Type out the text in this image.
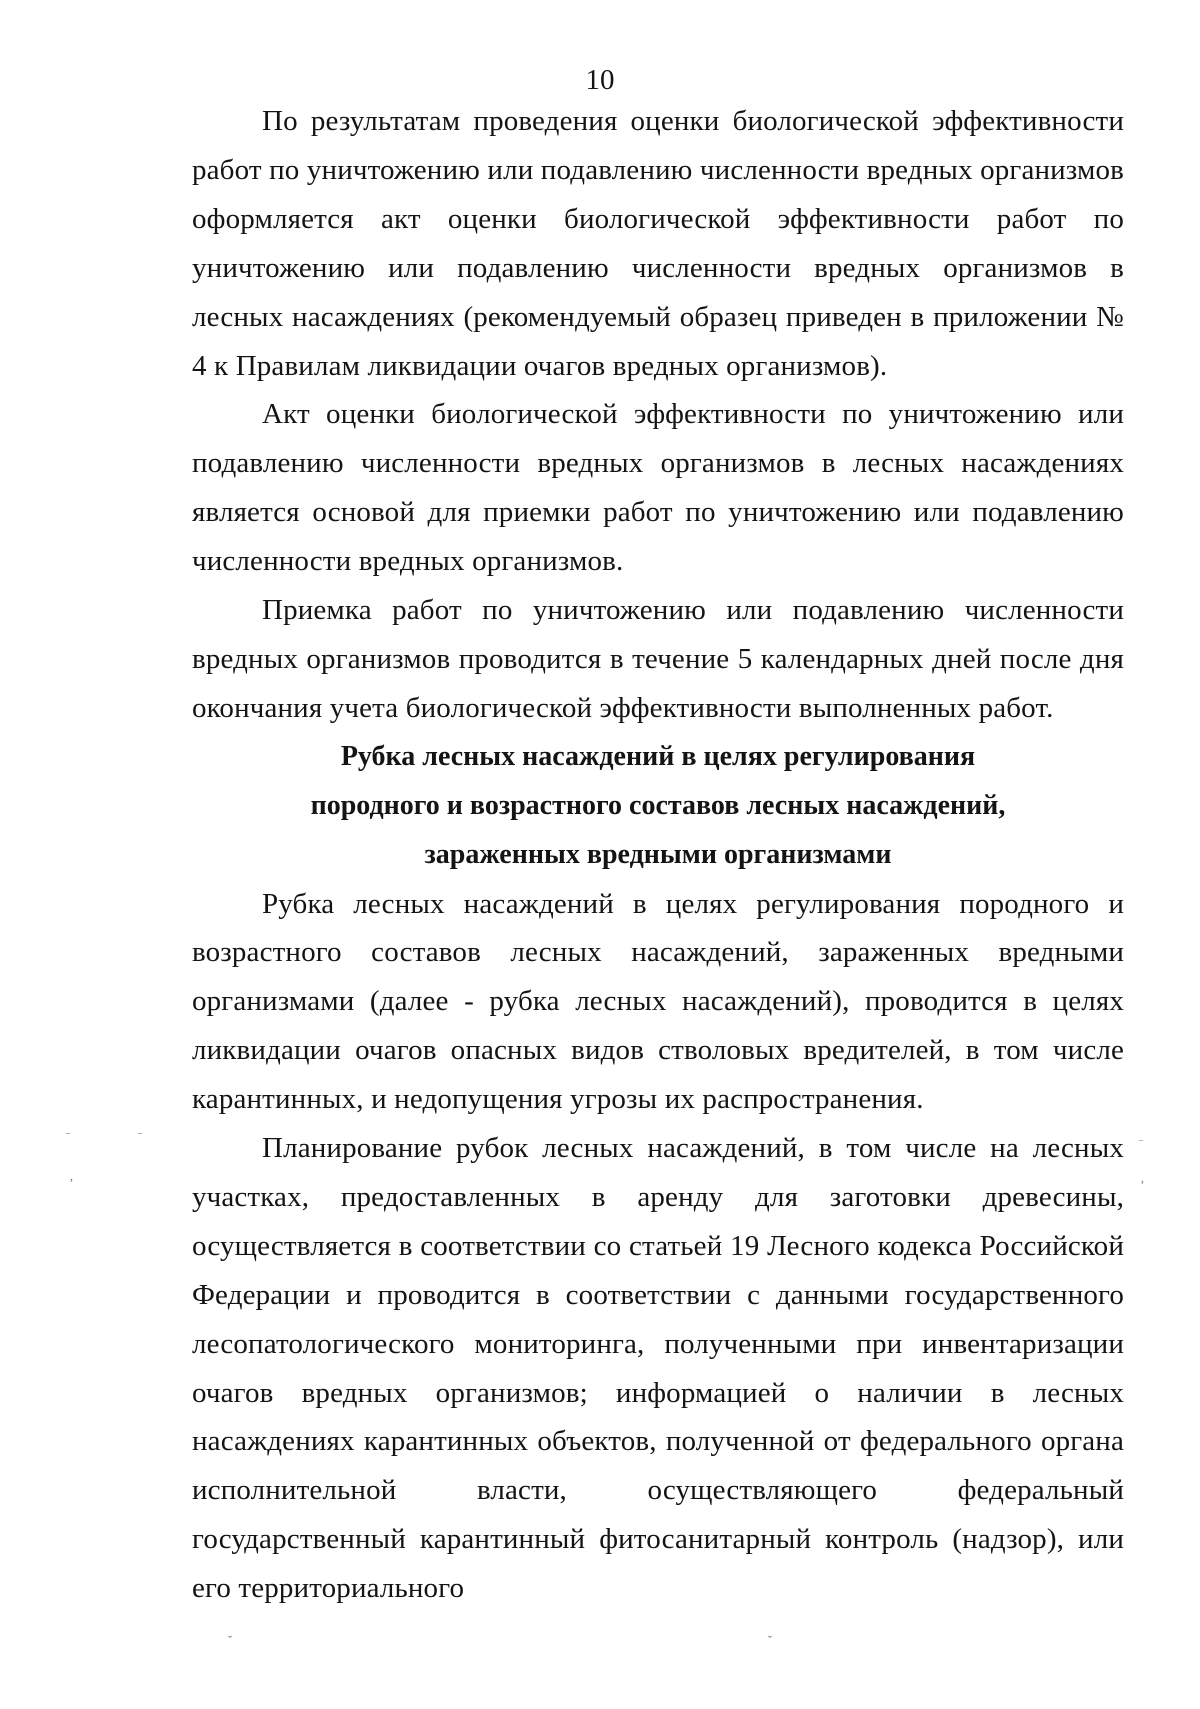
10

По результатам проведения оценки биологической эффективности работ по уничтожению или подавлению численности вредных организмов оформляется акт оценки биологической эффективности работ по уничтожению или подавлению численности вредных организмов в лесных насаждениях (рекомендуемый образец приведен в приложении № 4 к Правилам ликвидации очагов вредных организмов).

Акт оценки биологической эффективности по уничтожению или подавлению численности вредных организмов в лесных насаждениях является основой для приемки работ по уничтожению или подавлению численности вредных организмов.

Приемка работ по уничтожению или подавлению численности вредных организмов проводится в течение 5 календарных дней после дня окончания учета биологической эффективности выполненных работ.

Рубка лесных насаждений в целях регулирования
породного и возрастного составов лесных насаждений,
зараженных вредными организмами

Рубка лесных насаждений в целях регулирования породного и возрастного составов лесных насаждений, зараженных вредными организмами (далее - рубка лесных насаждений), проводится в целях ликвидации очагов опасных видов стволовых вредителей, в том числе карантинных, и недопущения угрозы их распространения.

Планирование рубок лесных насаждений, в том числе на лесных участках, предоставленных в аренду для заготовки древесины, осуществляется в соответствии со статьей 19 Лесного кодекса Российской Федерации и проводится в соответствии с данными государственного лесопатологического мониторинга, полученными при инвентаризации очагов вредных организмов; информацией о наличии в лесных насаждениях карантинных объектов, полученной от федерального органа исполнительной власти, осуществляющего федеральный государственный карантинный фитосанитарный контроль (надзор), или его территориального

‾	‾
,
‾
,
ˇ	ˇ
